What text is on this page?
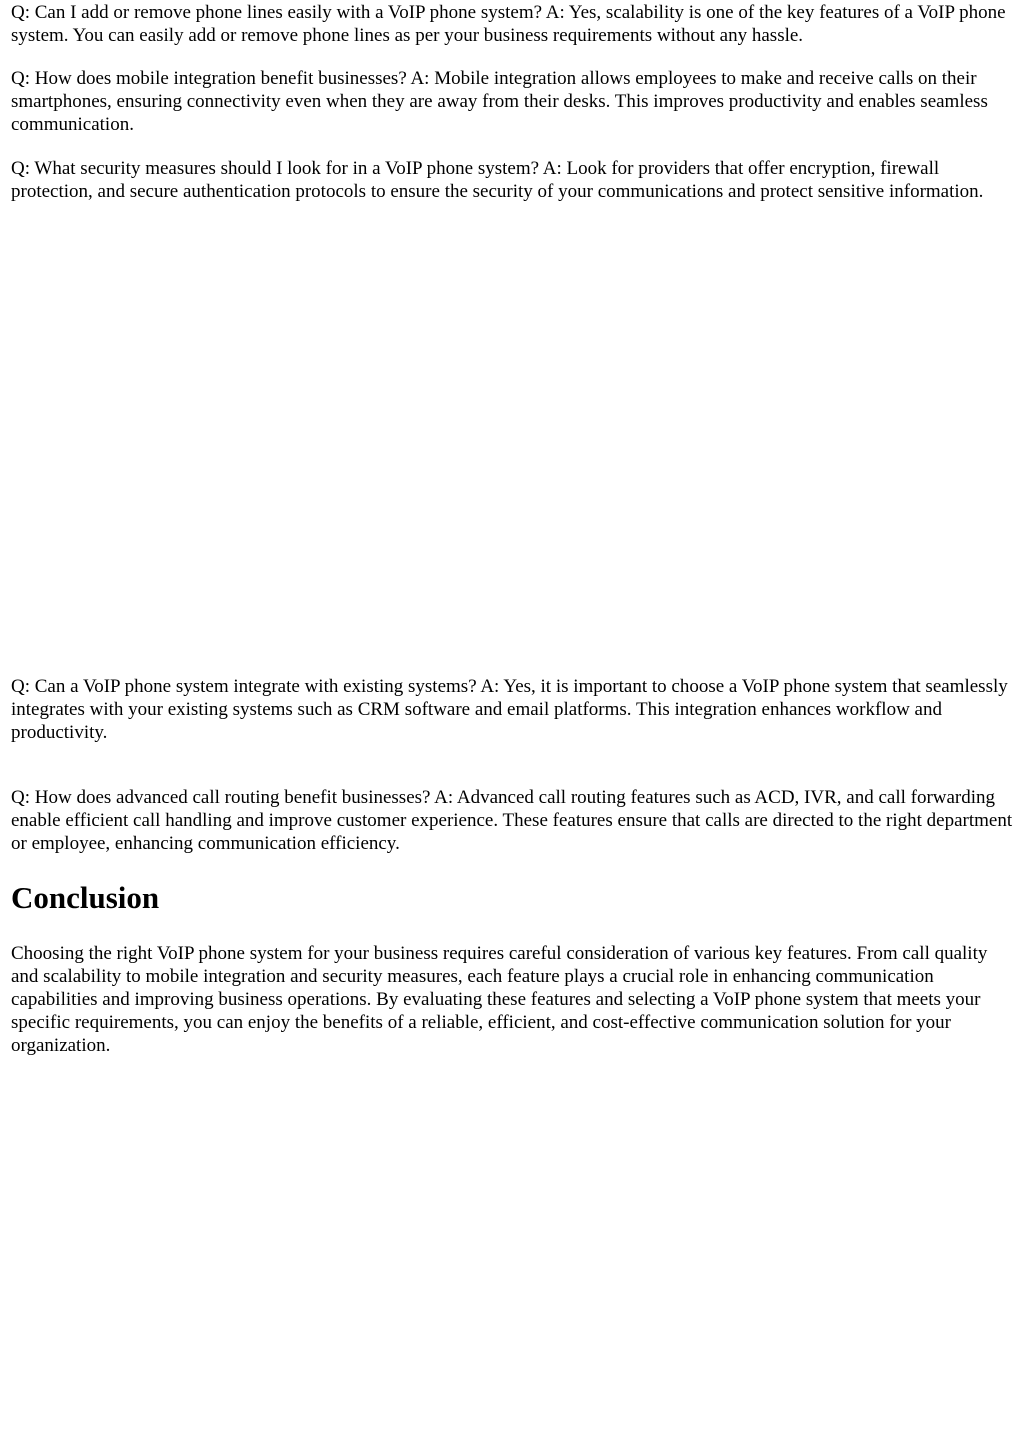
Q: Can I add or remove phone lines easily with a VoIP phone system? A: Yes, scalability is one of the key features of a VoIP phone system. You can easily add or remove phone lines as per your business requirements without any hassle.

Q: How does mobile integration benefit businesses? A: Mobile integration allows employees to make and receive calls on their smartphones, ensuring connectivity even when they are away from their desks. This improves productivity and enables seamless communication.

Q: What security measures should I look for in a VoIP phone system? A: Look for providers that offer encryption, firewall protection, and secure authentication protocols to ensure the security of your communications and protect sensitive information.

Q: Can a VoIP phone system integrate with existing systems? A: Yes, it is important to choose a VoIP phone system that seamlessly integrates with your existing systems such as CRM software and email platforms. This integration enhances workflow and productivity.

Q: How does advanced call routing benefit businesses? A: Advanced call routing features such as ACD, IVR, and call forwarding enable efficient call handling and improve customer experience. These features ensure that calls are directed to the right department or employee, enhancing communication efficiency.

Conclusion

Choosing the right VoIP phone system for your business requires careful consideration of various key features. From call quality and scalability to mobile integration and security measures, each feature plays a crucial role in enhancing communication capabilities and improving business operations. By evaluating these features and selecting a VoIP phone system that meets your specific requirements, you can enjoy the benefits of a reliable, efficient, and cost-effective communication solution for your organization.
